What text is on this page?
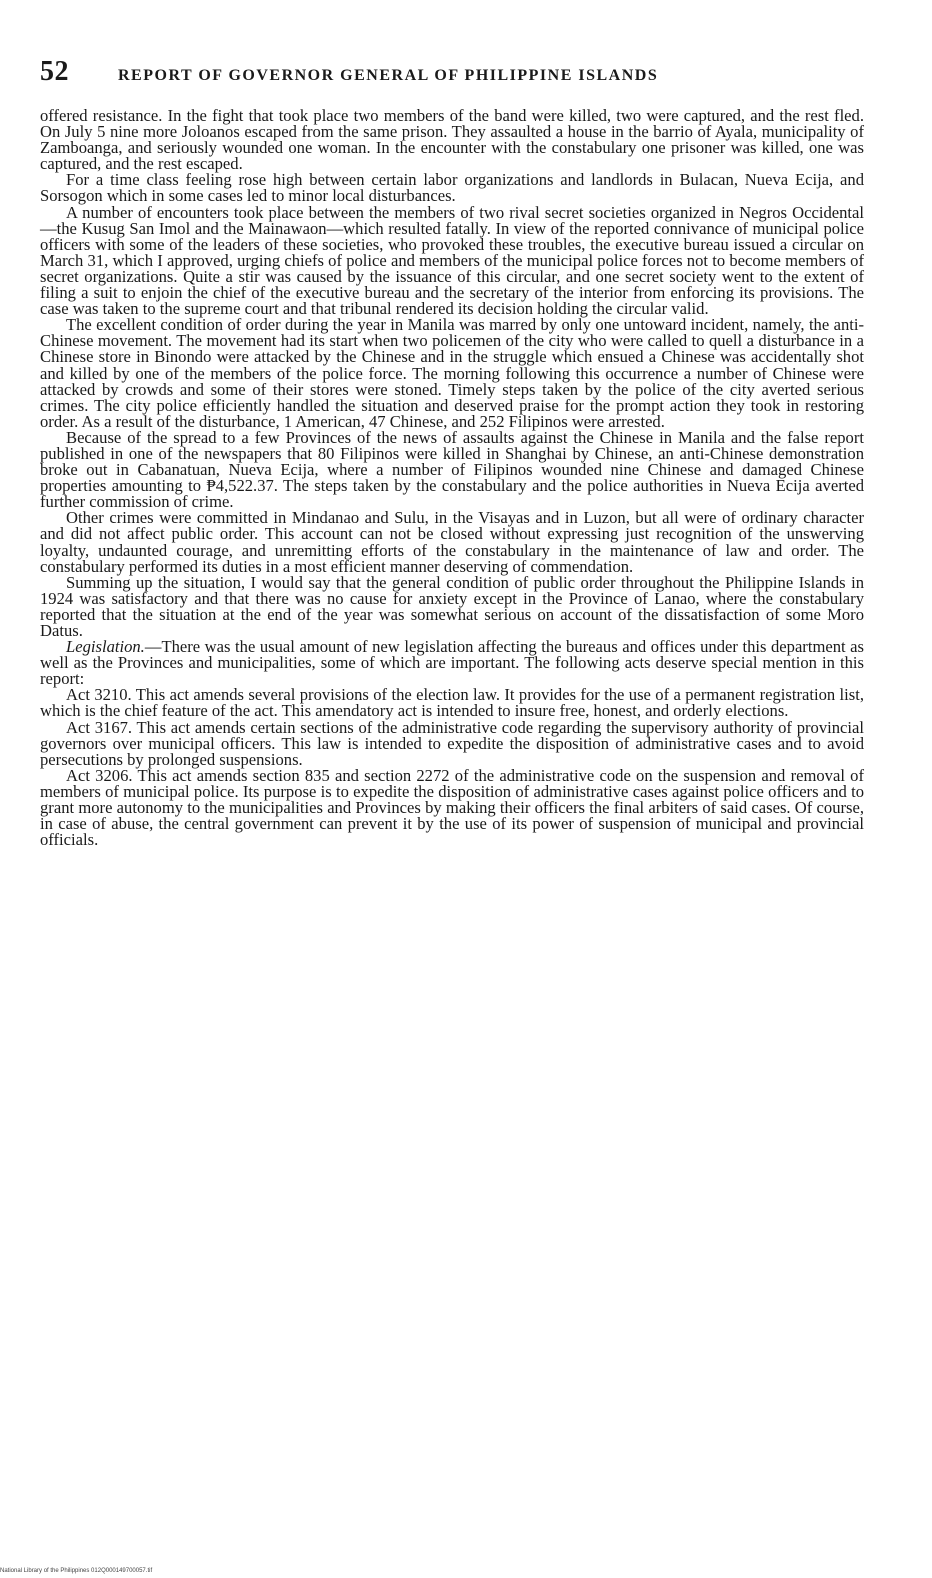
52	REPORT OF GOVERNOR GENERAL OF PHILIPPINE ISLANDS

offered resistance. In the fight that took place two members of the band were killed, two were captured, and the rest fled. On July 5 nine more Joloanos escaped from the same prison. They assaulted a house in the barrio of Ayala, municipality of Zamboanga, and seriously wounded one woman. In the encounter with the constabulary one prisoner was killed, one was captured, and the rest escaped.

For a time class feeling rose high between certain labor organizations and landlords in Bulacan, Nueva Ecija, and Sorsogon which in some cases led to minor local disturbances.

A number of encounters took place between the members of two rival secret societies organized in Negros Occidental—the Kusug San Imol and the Mainawaon—which resulted fatally. In view of the reported connivance of municipal police officers with some of the leaders of these societies, who provoked these troubles, the executive bureau issued a circular on March 31, which I approved, urging chiefs of police and members of the municipal police forces not to become members of secret organizations. Quite a stir was caused by the issuance of this circular, and one secret society went to the extent of filing a suit to enjoin the chief of the executive bureau and the secretary of the interior from enforcing its provisions. The case was taken to the supreme court and that tribunal rendered its decision holding the circular valid.

The excellent condition of order during the year in Manila was marred by only one untoward incident, namely, the anti-Chinese movement. The movement had its start when two policemen of the city who were called to quell a disturbance in a Chinese store in Binondo were attacked by the Chinese and in the struggle which ensued a Chinese was accidentally shot and killed by one of the members of the police force. The morning following this occurrence a number of Chinese were attacked by crowds and some of their stores were stoned. Timely steps taken by the police of the city averted serious crimes. The city police efficiently handled the situation and deserved praise for the prompt action they took in restoring order. As a result of the disturbance, 1 American, 47 Chinese, and 252 Filipinos were arrested.

Because of the spread to a few Provinces of the news of assaults against the Chinese in Manila and the false report published in one of the newspapers that 80 Filipinos were killed in Shanghai by Chinese, an anti-Chinese demonstration broke out in Cabanatuan, Nueva Ecija, where a number of Filipinos wounded nine Chinese and damaged Chinese properties amounting to ₱4,522.37. The steps taken by the constabulary and the police authorities in Nueva Ecija averted further commission of crime.

Other crimes were committed in Mindanao and Sulu, in the Visayas and in Luzon, but all were of ordinary character and did not affect public order. This account can not be closed without expressing just recognition of the unswerving loyalty, undaunted courage, and unremitting efforts of the constabulary in the maintenance of law and order. The constabulary performed its duties in a most efficient manner deserving of commendation.

Summing up the situation, I would say that the general condition of public order throughout the Philippine Islands in 1924 was satisfactory and that there was no cause for anxiety except in the Province of Lanao, where the constabulary reported that the situation at the end of the year was somewhat serious on account of the dissatisfaction of some Moro Datus.

Legislation.—There was the usual amount of new legislation affecting the bureaus and offices under this department as well as the Provinces and municipalities, some of which are important. The following acts deserve special mention in this report:

Act 3210. This act amends several provisions of the election law. It provides for the use of a permanent registration list, which is the chief feature of the act. This amendatory act is intended to insure free, honest, and orderly elections.

Act 3167. This act amends certain sections of the administrative code regarding the supervisory authority of provincial governors over municipal officers. This law is intended to expedite the disposition of administrative cases and to avoid persecutions by prolonged suspensions.

Act 3206. This act amends section 835 and section 2272 of the administrative code on the suspension and removal of members of municipal police. Its purpose is to expedite the disposition of administrative cases against police officers and to grant more autonomy to the municipalities and Provinces by making their officers the final arbiters of said cases. Of course, in case of abuse, the central government can prevent it by the use of its power of suspension of municipal and provincial officials.

National Library of the Philippines 012Q000149700057.tif
